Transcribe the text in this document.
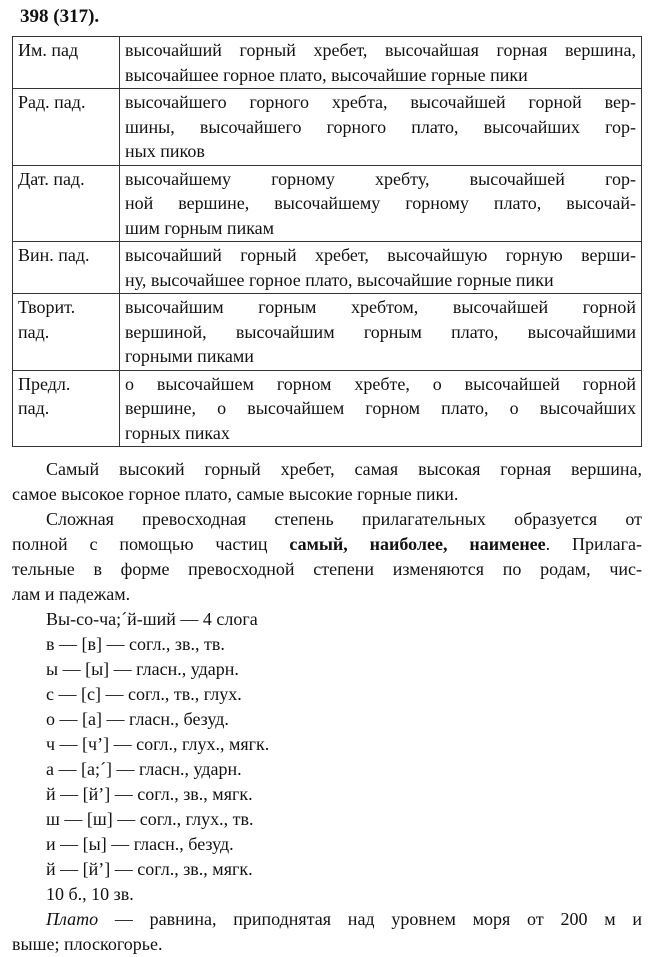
398 (317).
Им. пад	высочайший горный хребет, высочайшая горная вершина,
высочайшее горное плато, высочайшие горные пики

Рад. пад.	высочайшего горного хребта, высочайшей горной вер-
шины, высочайшего горного плато, высочайших гор-
ных пиков

Дат. пад.	высочайшему горному хребту, высочайшей гор-
ной вершине, высочайшему горному плато, высочай-
шим горным пикам

Вин. пад.	высочайший горный хребет, высочайшую горную верши-
ну, высочайшее горное плато, высочайшие горные пики

Творит.
пад.	высочайшим горным хребтом, высочайшей горной
вершиной, высочайшим горным плато, высочайшими
горными пиками

Предл.
пад.	о высочайшем горном хребте, о высочайшей горной
вершине, о высочайшем горном плато, о высочайших
горных пиках
Самый высокий горный хребет, самая высокая горная вершина,
самое высокое горное плато, самые высокие горные пики.
Сложная превосходная степень прилагательных образуется от
полной с помощью частиц самый, наиболее, наименее. Прилага-
тельные в форме превосходной степени изменяются по родам, чис-
лам и падежам.
Вы-со-ча;´й-ший — 4 слога
в — [в] — согл., зв., тв.
ы — [ы] — гласн., ударн.
с — [с] — согл., тв., глух.
о — [а] — гласн., безуд.
ч — [ч’] — согл., глух., мягк.
а — [а;´] — гласн., ударн.
й — [й’] — согл., зв., мягк.
ш — [ш] — согл., глух., тв.
и — [ы] — гласн., безуд.
й — [й’] — согл., зв., мягк.
10 б., 10 зв.
Плато — равнина, приподнятая над уровнем моря от 200 м и
выше; плоскогорье.
